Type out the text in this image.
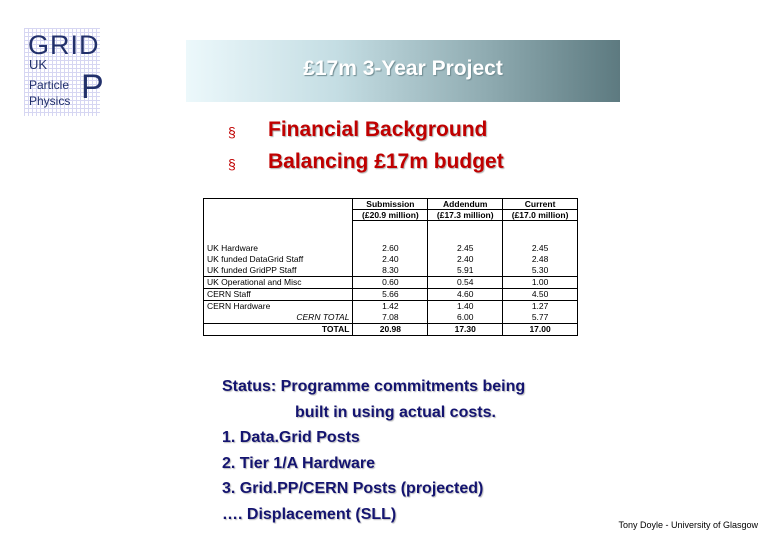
GRID
UK
Particle
Physics P	£17m 3-Year Project
§ Financial Background
§ Balancing £17m budget
	Submission	Addendum	Current
	(£20.9 million)	(£17.3 million)	(£17.0 million)

UK Hardware	2.60	2.45	2.45
UK funded DataGrid Staff	2.40	2.40	2.48
UK funded GridPP Staff	8.30	5.91	5.30
UK Operational and Misc	0.60	0.54	1.00
CERN Staff	5.66	4.60	4.50
CERN Hardware	1.42	1.40	1.27
CERN TOTAL	7.08	6.00	5.77
TOTAL	20.98	17.30	17.00
Status: Programme commitments being
built in using actual costs.
1. Data.Grid Posts
2. Tier 1/A Hardware
3. Grid.PP/CERN Posts (projected)
…. Displacement (SLL)
Tony Doyle - University of Glasgow
